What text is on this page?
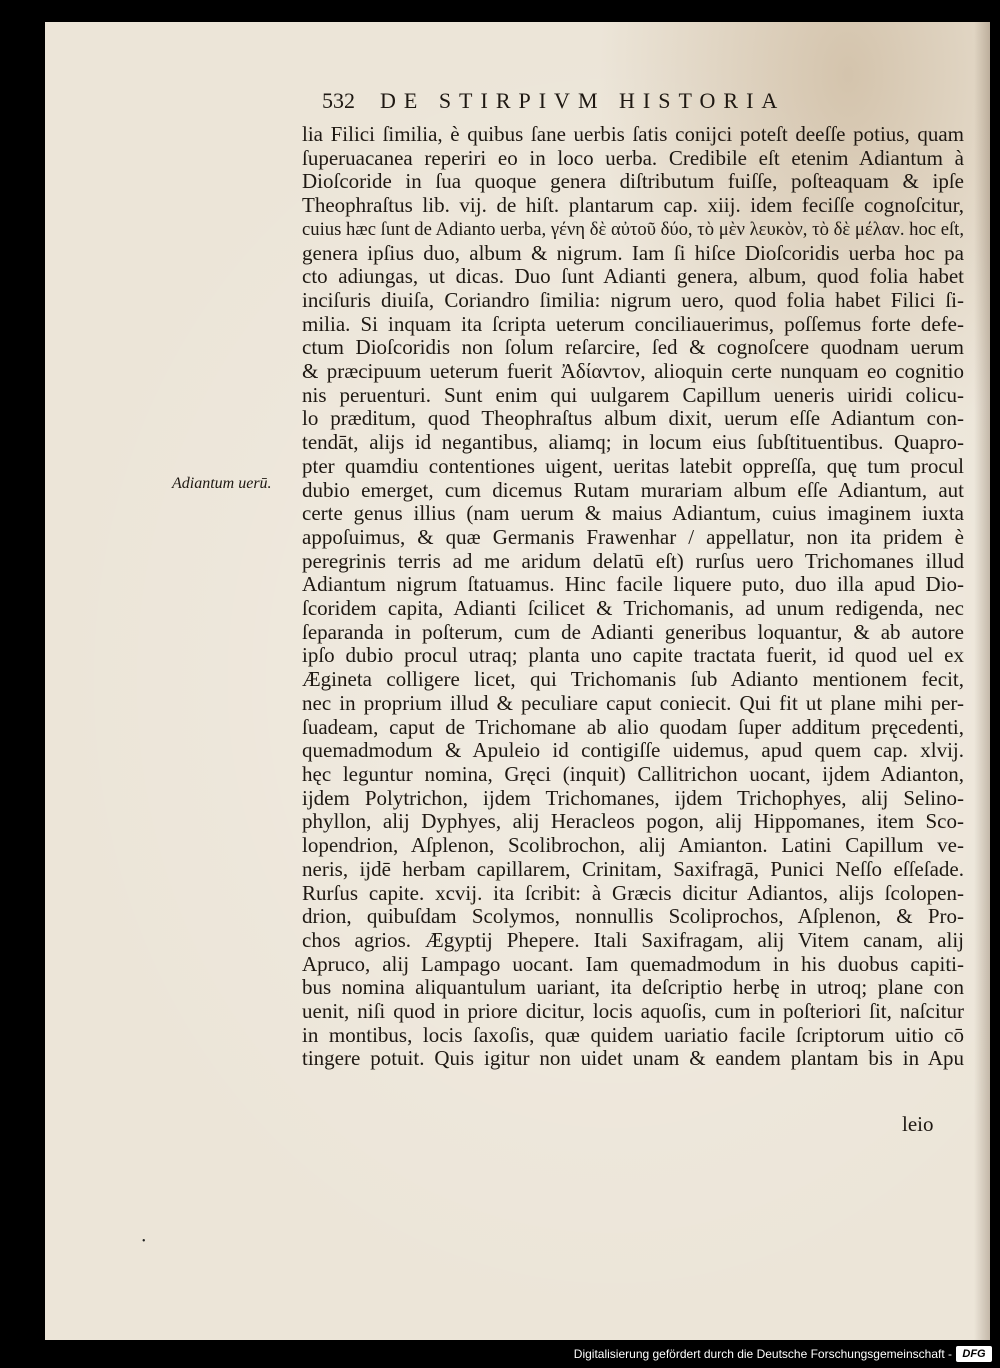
532	DE STIRPIVM HISTORIA
Adiantum uerū.
lia Filici ſimilia, è quibus ſane uerbis ſatis conijci poteſt deeſſe potius, quam
ſuperuacanea reperiri eo in loco uerba. Credibile eſt etenim Adiantum à
Dioſcoride in ſua quoque genera diſtributum fuiſſe, poſteaquam & ipſe
Theophraſtus lib. vij. de hiſt. plantarum cap. xiij. idem feciſſe cognoſcitur,
cuius hæc ſunt de Adianto uerba, γένη δὲ αὐτοῦ δύο, τὸ μὲν λευκὸν, τὸ δὲ μέλαν. hoc eſt,
genera ipſius duo, album & nigrum. Iam ſi hiſce Dioſcoridis uerba hoc pa
cto adiungas, ut dicas. Duo ſunt Adianti genera, album, quod folia habet
inciſuris diuiſa, Coriandro ſimilia: nigrum uero, quod folia habet Filici ſi-
milia. Si inquam ita ſcripta ueterum conciliauerimus, poſſemus forte defe-
ctum Dioſcoridis non ſolum reſarcire, ſed & cognoſcere quodnam uerum
& præcipuum ueterum fuerit Ἀδίαντον, alioquin certe nunquam eo cognitio
nis peruenturi. Sunt enim qui uulgarem Capillum ueneris uiridi colicu-
lo præditum, quod Theophraſtus album dixit, uerum eſſe Adiantum con-
tendāt, alijs id negantibus, aliamq; in locum eius ſubſtituentibus. Quapro-
pter quamdiu contentiones uigent, ueritas latebit oppreſſa, quę tum procul
dubio emerget, cum dicemus Rutam murariam album eſſe Adiantum, aut
certe genus illius (nam uerum & maius Adiantum, cuius imaginem iuxta
appoſuimus, & quæ Germanis Frawenhar / appellatur, non ita pridem è
peregrinis terris ad me aridum delatū eſt) rurſus uero Trichomanes illud
Adiantum nigrum ſtatuamus. Hinc facile liquere puto, duo illa apud Dio-
ſcoridem capita, Adianti ſcilicet & Trichomanis, ad unum redigenda, nec
ſeparanda in poſterum, cum de Adianti generibus loquantur, & ab autore
ipſo dubio procul utraq; planta uno capite tractata fuerit, id quod uel ex
Ægineta colligere licet, qui Trichomanis ſub Adianto mentionem fecit,
nec in proprium illud & peculiare caput coniecit. Qui fit ut plane mihi per-
ſuadeam, caput de Trichomane ab alio quodam ſuper additum pręcedenti,
quemadmodum & Apuleio id contigiſſe uidemus, apud quem cap. xlvij.
hęc leguntur nomina, Gręci (inquit) Callitrichon uocant, ijdem Adianton,
ijdem Polytrichon, ijdem Trichomanes, ijdem Trichophyes, alij Selino-
phyllon, alij Dyphyes, alij Heracleos pogon, alij Hippomanes, item Sco-
lopendrion, Aſplenon, Scolibrochon, alij Amianton. Latini Capillum ve-
neris, ijdē herbam capillarem, Crinitam, Saxifragā, Punici Neſſo eſſeſade.
Rurſus capite. xcvij. ita ſcribit: à Græcis dicitur Adiantos, alijs ſcolopen-
drion, quibuſdam Scolymos, nonnullis Scoliprochos, Aſplenon, & Pro-
chos agrios. Ægyptij Phepere. Itali Saxifragam, alij Vitem canam, alij
Apruco, alij Lampago uocant. Iam quemadmodum in his duobus capiti-
bus nomina aliquantulum uariant, ita deſcriptio herbę in utroq; plane con
uenit, niſi quod in priore dicitur, locis aquoſis, cum in poſteriori ſit, naſcitur
in montibus, locis ſaxoſis, quæ quidem uariatio facile ſcriptorum uitio cō
tingere potuit. Quis igitur non uidet unam & eandem plantam bis in Apu
leio
•
Digitalisierung gefördert durch die Deutsche Forschungsgemeinschaft - DFG
